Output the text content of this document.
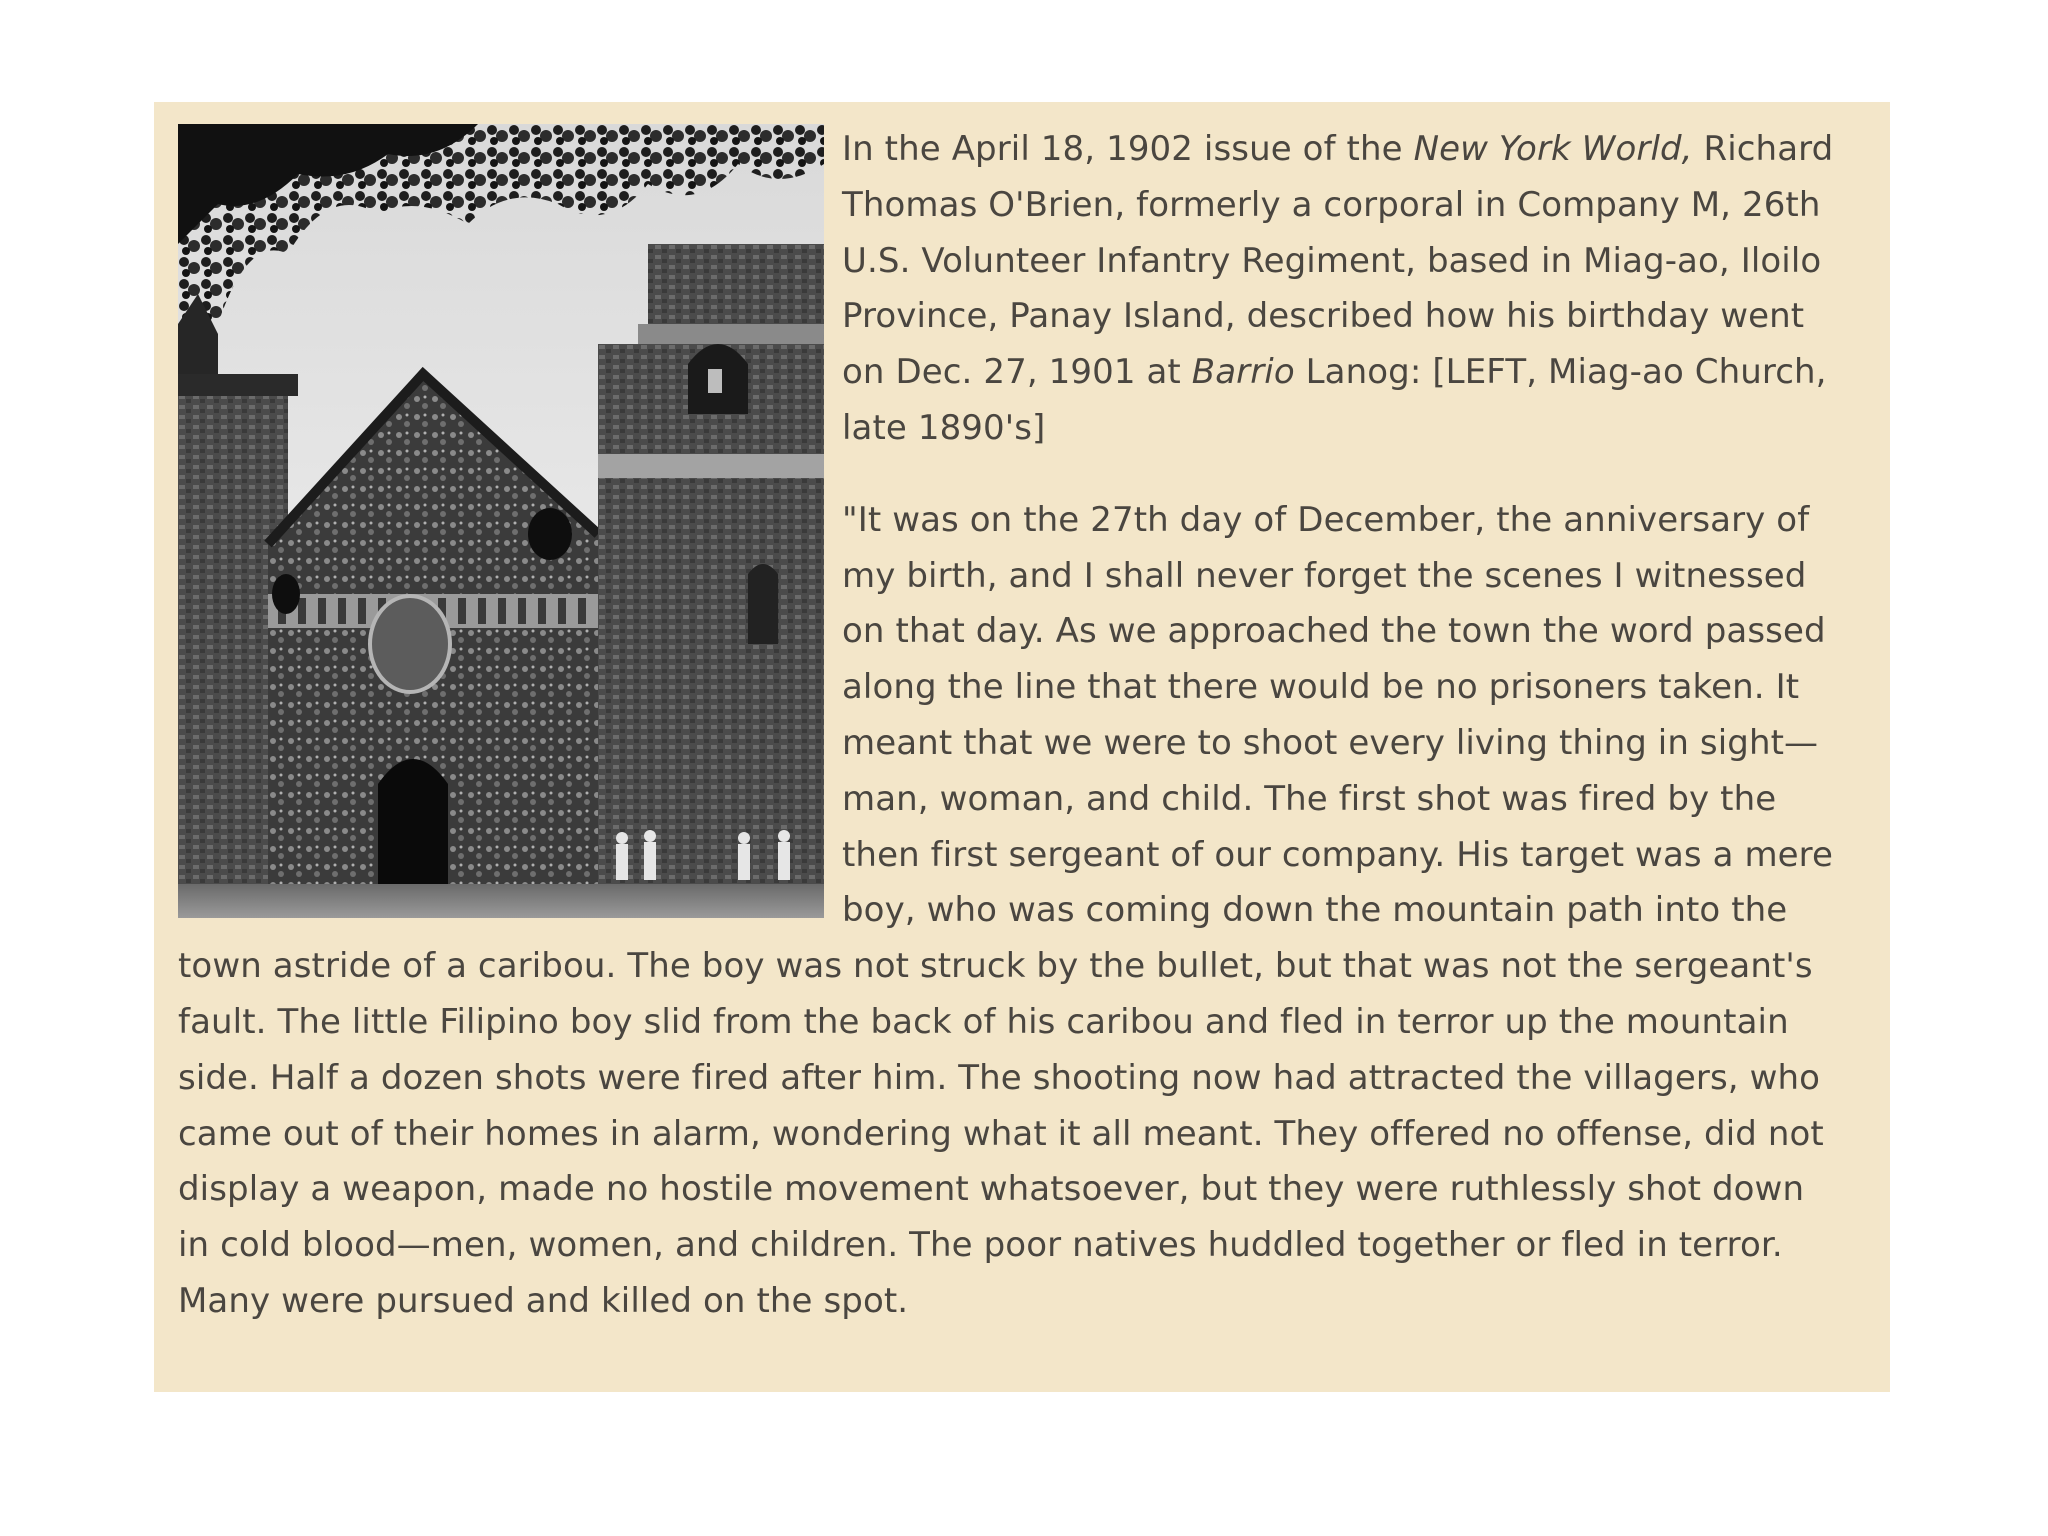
In the April 18, 1902 issue of the New York World, Richard Thomas O'Brien, formerly a corporal in Company M, 26th U.S. Volunteer Infantry Regiment, based in Miag-ao, Iloilo Province, Panay Island, described how his birthday went on Dec. 27, 1901 at Barrio Lanog: [LEFT, Miag-ao Church, late 1890's]

"It was on the 27th day of December, the anniversary of my birth, and I shall never forget the scenes I witnessed on that day. As we approached the town the word passed along the line that there would be no prisoners taken. It meant that we were to shoot every living thing in sight—man, woman, and child. The first shot was fired by the then first sergeant of our company. His target was a mere boy, who was coming down the mountain path into the town astride of a caribou. The boy was not struck by the bullet, but that was not the sergeant's fault. The little Filipino boy slid from the back of his caribou and fled in terror up the mountain side. Half a dozen shots were fired after him. The shooting now had attracted the villagers, who came out of their homes in alarm, wondering what it all meant. They offered no offense, did not display a weapon, made no hostile movement whatsoever, but they were ruthlessly shot down in cold blood—men, women, and children. The poor natives huddled together or fled in terror. Many were pursued and killed on the spot.
